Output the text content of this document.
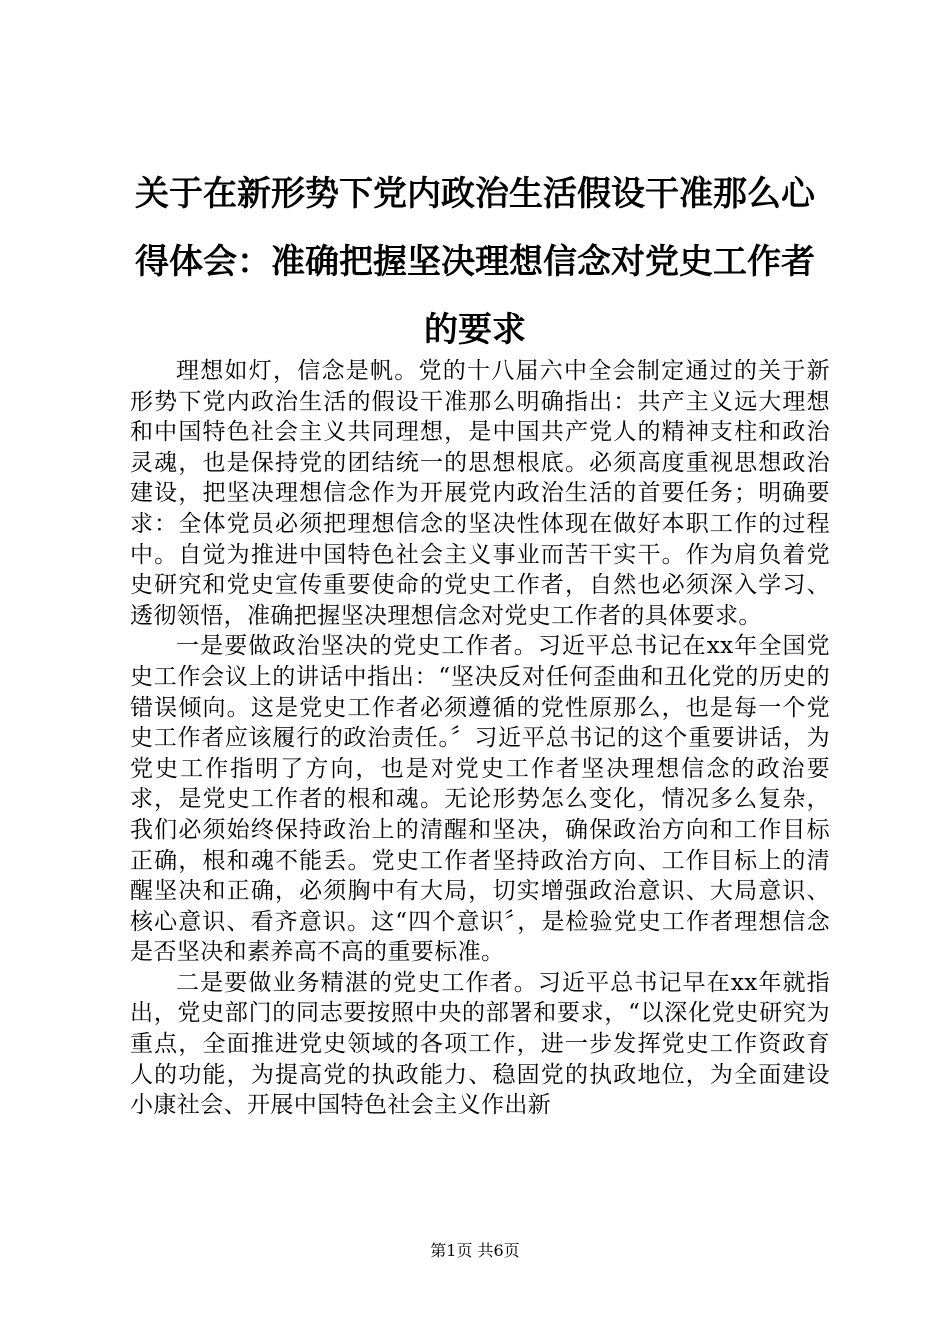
关于在新形势下党内政治生活假设干准那么心得体会：准确把握坚决理想信念对党史工作者的要求

理想如灯，信念是帆。党的十八届六中全会制定通过的关于新形势下党内政治生活的假设干准那么明确指出：共产主义远大理想和中国特色社会主义共同理想，是中国共产党人的精神支柱和政治灵魂，也是保持党的团结统一的思想根底。必须高度重视思想政治建设，把坚决理想信念作为开展党内政治生活的首要任务；明确要求：全体党员必须把理想信念的坚决性体现在做好本职工作的过程中。自觉为推进中国特色社会主义事业而苦干实干。作为肩负着党史研究和党史宣传重要使命的党史工作者，自然也必须深入学习、透彻领悟，准确把握坚决理想信念对党史工作者的具体要求。

一是要做政治坚决的党史工作者。习近平总书记在xx年全国党史工作会议上的讲话中指出：“坚决反对任何歪曲和丑化党的历史的错误倾向。这是党史工作者必须遵循的党性原那么，也是每一个党史工作者应该履行的政治责任。〞习近平总书记的这个重要讲话，为党史工作指明了方向，也是对党史工作者坚决理想信念的政治要求，是党史工作者的根和魂。无论形势怎么变化，情况多么复杂，我们必须始终保持政治上的清醒和坚决，确保政治方向和工作目标正确，根和魂不能丢。党史工作者坚持政治方向、工作目标上的清醒坚决和正确，必须胸中有大局，切实增强政治意识、大局意识、核心意识、看齐意识。这“四个意识〞，是检验党史工作者理想信念是否坚决和素养高不高的重要标准。

二是要做业务精湛的党史工作者。习近平总书记早在xx年就指出，党史部门的同志要按照中央的部署和要求，“以深化党史研究为重点，全面推进党史领域的各项工作，进一步发挥党史工作资政育人的功能，为提高党的执政能力、稳固党的执政地位，为全面建设小康社会、开展中国特色社会主义作出新

第1页 共6页
